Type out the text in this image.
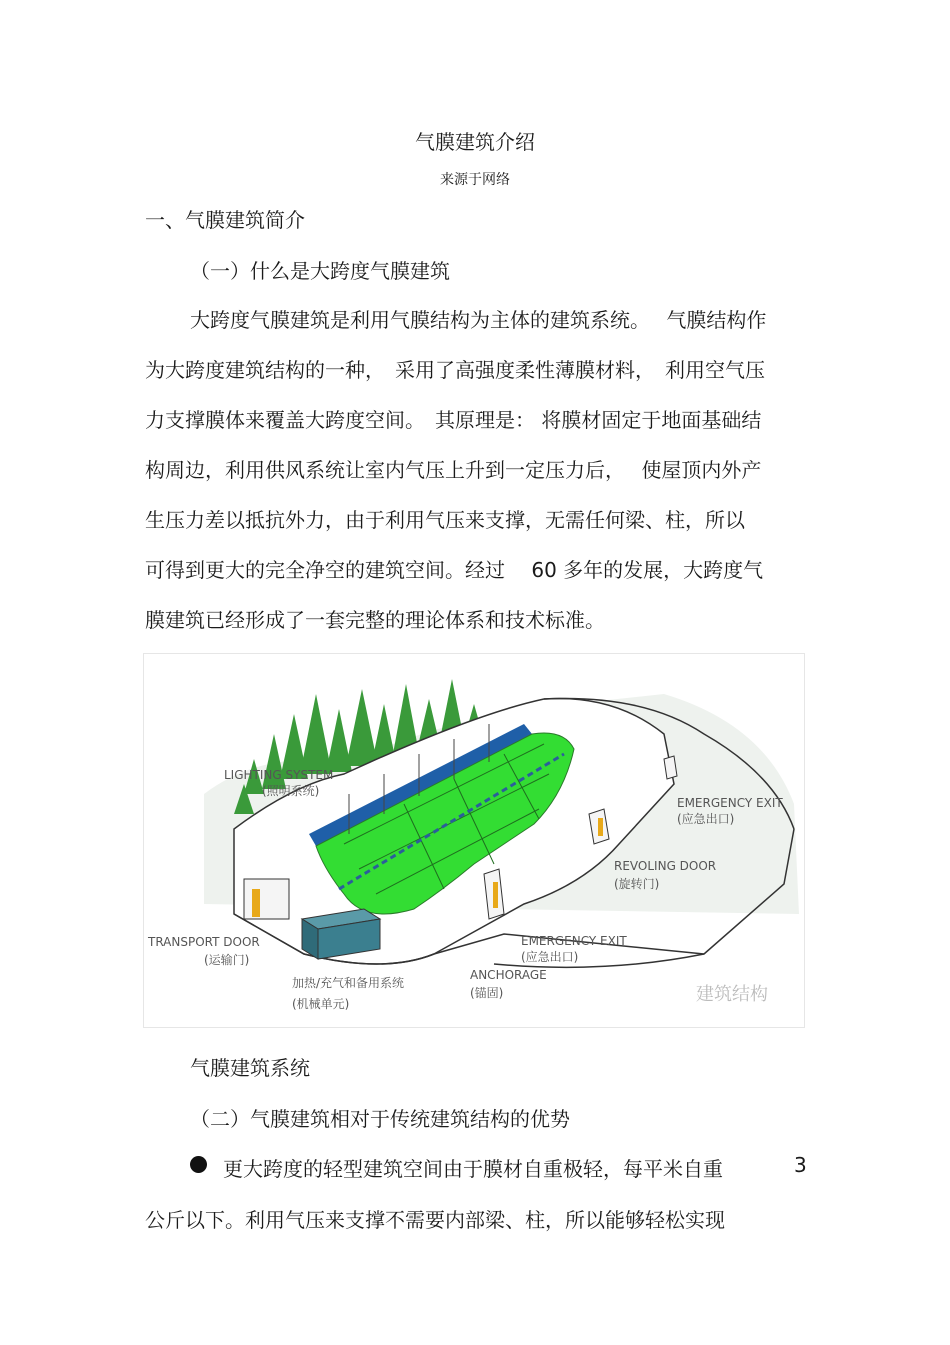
气膜建筑介绍
来源于网络
一、气膜建筑简介
（一）什么是大跨度气膜建筑
大跨度气膜建筑是利用气膜结构为主体的建筑系统。　 气膜结构作
为大跨度建筑结构的一种，　采用了高强度柔性薄膜材料，　利用空气压
力支撑膜体来覆盖大跨度空间。　其原理是： 将膜材固定于地面基础结
构周边，利用供风系统让室内气压上升到一定压力后，　 使屋顶内外产
生压力差以抵抗外力，由于利用气压来支撑，无需任何梁、柱，所以
可得到更大的完全净空的建筑空间。经过　 60 多年的发展，大跨度气
膜建筑已经形成了一套完整的理论体系和技术标准。
LIGHTING SYSTEM
(照明系统)
EMERGENCY EXIT
(应急出口)
REVOLING DOOR
(旋转门)
TRANSPORT DOOR
(运输门)
EMERGENCY EXIT
(应急出口)
ANCHORAGE
(锚固)
加热/充气和备用系统
(机械单元)	建筑结构
气膜建筑系统
（二）气膜建筑相对于传统建筑结构的优势
更大跨度的轻型建筑空间由于膜材自重极轻，每平米自重	3
公斤以下。利用气压来支撑不需要内部梁、柱，所以能够轻松实现
